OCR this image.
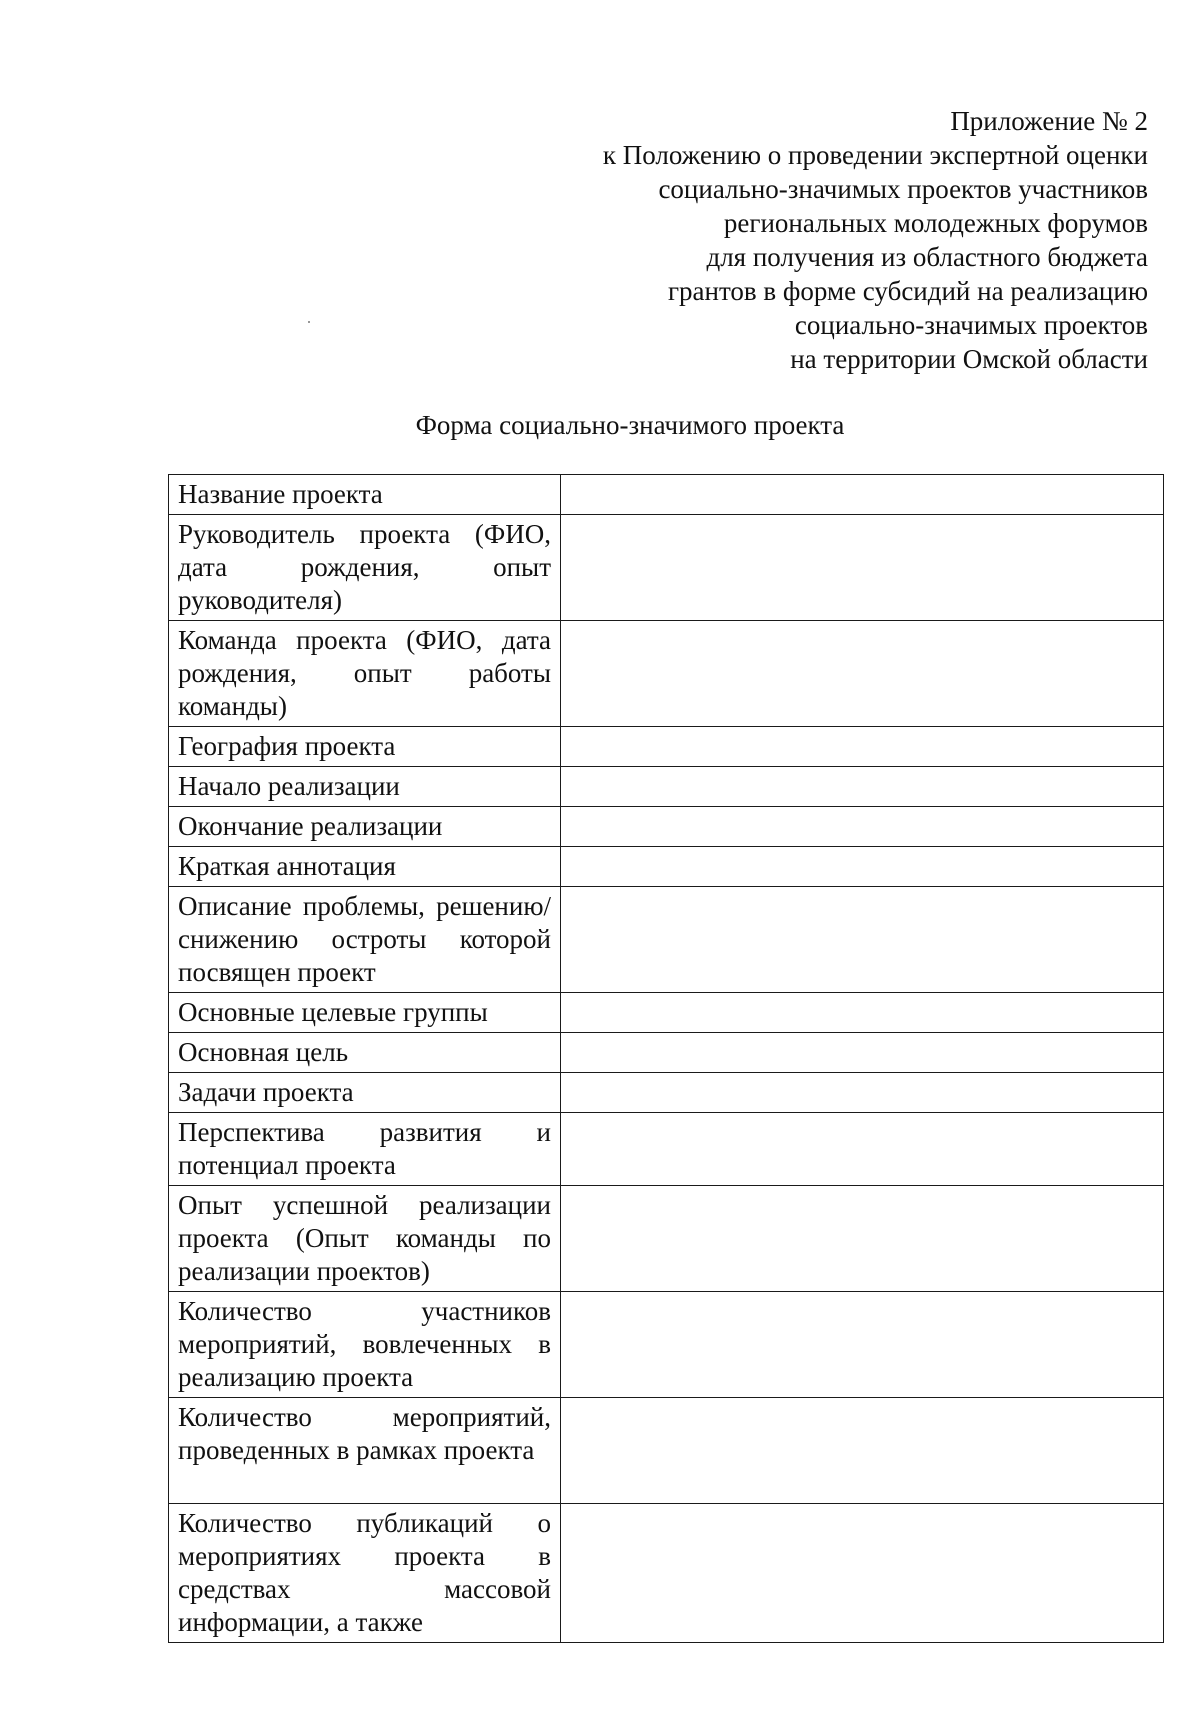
Приложение № 2
к Положению о проведении экспертной оценки
социально-значимых проектов участников
региональных молодежных форумов
для получения из областного бюджета
грантов в форме субсидий на реализацию
социально-значимых проектов
на территории Омской области
Форма социально-значимого проекта
Название проекта	
Руководитель проекта (ФИО, дата рождения, опыт руководителя)	
Команда проекта (ФИО, дата рождения, опыт работы команды)	
География проекта	
Начало реализации	
Окончание реализации	
Краткая аннотация	
Описание проблемы, решению/снижению остроты которой посвящен проект	
Основные целевые группы	
Основная цель	
Задачи проекта	
Перспектива развития и потенциал проекта	
Опыт успешной реализации проекта (Опыт команды по реализации проектов)	
Количество участников мероприятий, вовлеченных в реализацию проекта	
Количество мероприятий, проведенных в рамках проекта	
Количество публикаций о мероприятиях проекта в средствах массовой информации, а также	
